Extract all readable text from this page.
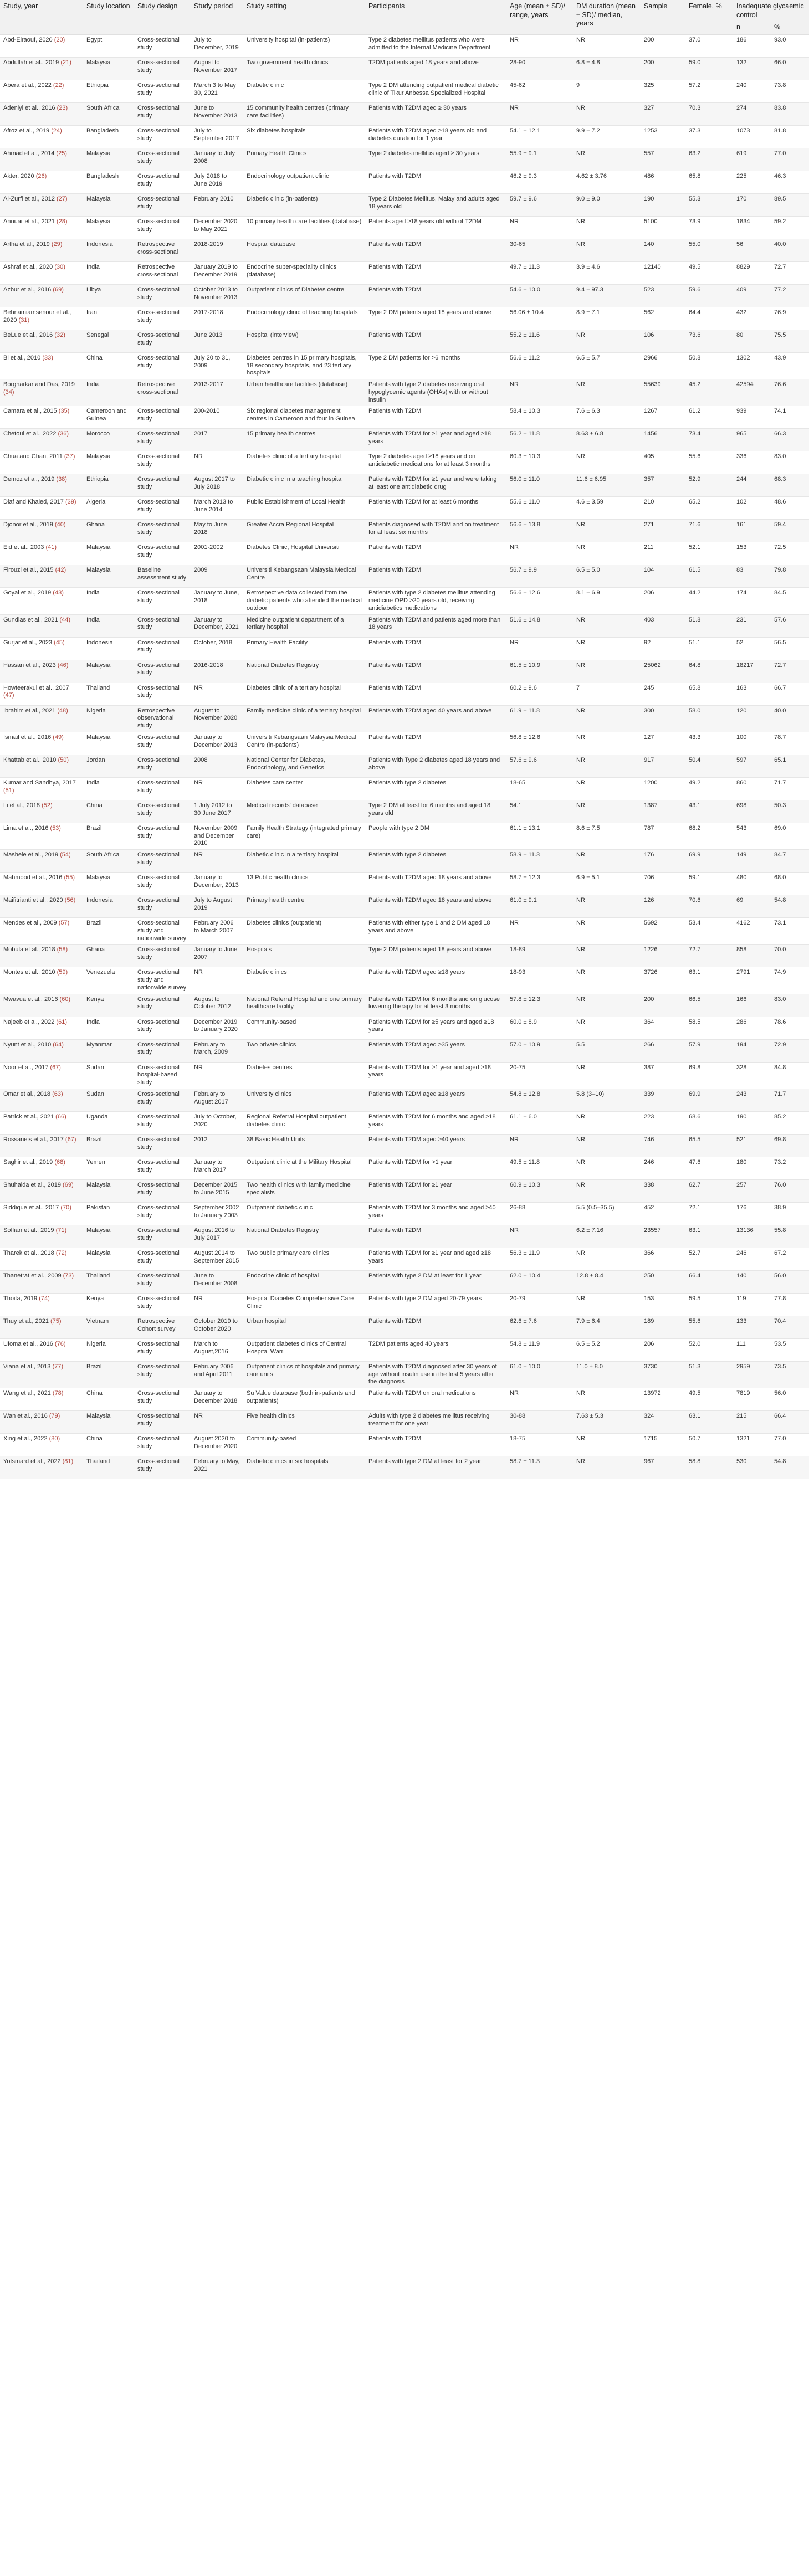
Study, year	Study location	Study design	Study period	Study setting	Participants	Age (mean ± SD)/ range, years	DM duration (mean ± SD)/ median, years	Sample	Female, %	Inadequate glycaemic control	
										n	%
Abd-Elraouf, 2020 (20)	Egypt	Cross-sectional study	July to December, 2019	University hospital (in-patients)	Type 2 diabetes mellitus patients who were admitted to the Internal Medicine Department	NR	NR	200	37.0	186	93.0
Abdullah et al., 2019 (21)	Malaysia	Cross-sectional study	August to November 2017	Two government health clinics	T2DM patients aged 18 years and above	28-90	6.8 ± 4.8	200	59.0	132	66.0
Abera et al., 2022 (22)	Ethiopia	Cross-sectional study	March 3 to May 30, 2021	Diabetic clinic	Type 2 DM attending outpatient medical diabetic clinic of Tikur Anbessa Specialized Hospital	45-62	9	325	57.2	240	73.8
Adeniyi et al., 2016 (23)	South Africa	Cross-sectional study	June to November 2013	15 community health centres (primary care facilities)	Patients with T2DM aged ≥ 30 years	NR	NR	327	70.3	274	83.8
Afroz et al., 2019 (24)	Bangladesh	Cross-sectional study	July to September 2017	Six diabetes hospitals	Patients with T2DM aged ≥18 years old and diabetes duration for 1 year	54.1 ± 12.1	9.9 ± 7.2	1253	37.3	1073	81.8
Ahmad et al., 2014 (25)	Malaysia	Cross-sectional study	January to July 2008	Primary Health Clinics	Type 2 diabetes mellitus aged ≥ 30 years	55.9 ± 9.1	NR	557	63.2	619	77.0
Akter, 2020 (26)	Bangladesh	Cross-sectional study	July 2018 to June 2019	Endocrinology outpatient clinic	Patients with T2DM	46.2 ± 9.3	4.62 ± 3.76	486	65.8	225	46.3
Al-Zurfi et al., 2012 (27)	Malaysia	Cross-sectional study	February 2010	Diabetic clinic (in-patients)	Type 2 Diabetes Mellitus, Malay and adults aged 18 years old	59.7 ± 9.6	9.0 ± 9.0	190	55.3	170	89.5
Annuar et al., 2021 (28)	Malaysia	Cross-sectional study	December 2020 to May 2021	10 primary health care facilities (database)	Patients aged ≥18 years old with of T2DM	NR	NR	5100	73.9	1834	59.2
Artha et al., 2019 (29)	Indonesia	Retrospective cross-sectional	2018-2019	Hospital database	Patients with T2DM	30-65	NR	140	55.0	56	40.0
Ashraf et al., 2020 (30)	India	Retrospective cross-sectional	January 2019 to December 2019	Endocrine super-speciality clinics (database)	Patients with T2DM	49.7 ± 11.3	3.9 ± 4.6	12140	49.5	8829	72.7
Azbur et al., 2016 (69)	Libya	Cross-sectional study	October 2013 to November 2013	Outpatient clinics of Diabetes centre	Patients with T2DM	54.6 ± 10.0	9.4 ± 97.3	523	59.6	409	77.2
Behnamiamsenour et al., 2020 (31)	Iran	Cross-sectional study	2017-2018	Endocrinology clinic of teaching hospitals	Type 2 DM patients aged 18 years and above	56.06 ± 10.4	8.9 ± 7.1	562	64.4	432	76.9
BeLue et al., 2016 (32)	Senegal	Cross-sectional study	June 2013	Hospital (interview)	Patients with T2DM	55.2 ± 11.6	NR	106	73.6	80	75.5
Bi et al., 2010 (33)	China	Cross-sectional study	July 20 to 31, 2009	Diabetes centres in 15 primary hospitals, 18 secondary hospitals, and 23 tertiary hospitals	Type 2 DM patients for >6 months	56.6 ± 11.2	6.5 ± 5.7	2966	50.8	1302	43.9
Borgharkar and Das, 2019 (34)	India	Retrospective cross-sectional	2013-2017	Urban healthcare facilities (database)	Patients with type 2 diabetes receiving oral hypoglycemic agents (OHAs) with or without insulin	NR	NR	55639	45.2	42594	76.6
Camara et al., 2015 (35)	Cameroon and Guinea	Cross-sectional study	200-2010	Six regional diabetes management centres in Cameroon and four in Guinea	Patients with T2DM	58.4 ± 10.3	7.6 ± 6.3	1267	61.2	939	74.1
Chetoui et al., 2022 (36)	Morocco	Cross-sectional study	2017	15 primary health centres	Patients with T2DM for ≥1 year and aged ≥18 years	56.2 ± 11.8	8.63 ± 6.8	1456	73.4	965	66.3
Chua and Chan, 2011 (37)	Malaysia	Cross-sectional study	NR	Diabetes clinic of a tertiary hospital	Type 2 diabetes aged ≥18 years and on antidiabetic medications for at least 3 months	60.3 ± 10.3	NR	405	55.6	336	83.0
Demoz et al., 2019 (38)	Ethiopia	Cross-sectional study	August 2017 to July 2018	Diabetic clinic in a teaching hospital	Patients with T2DM for ≥1 year and were taking at least one antidiabetic drug	56.0 ± 11.0	11.6 ± 6.95	357	52.9	244	68.3
Diaf and Khaled, 2017 (39)	Algeria	Cross-sectional study	March 2013 to June 2014	Public Establishment of Local Health	Patients with T2DM for at least 6 months	55.6 ± 11.0	4.6 ± 3.59	210	65.2	102	48.6
Djonor et al., 2019 (40)	Ghana	Cross-sectional study	May to June, 2018	Greater Accra Regional Hospital	Patients diagnosed with T2DM and on treatment for at least six months	56.6 ± 13.8	NR	271	71.6	161	59.4
Eid et al., 2003 (41)	Malaysia	Cross-sectional study	2001-2002	Diabetes Clinic, Hospital Universiti	Patients with T2DM	NR	NR	211	52.1	153	72.5
Firouzi et al., 2015 (42)	Malaysia	Baseline assessment study	2009	Universiti Kebangsaan Malaysia Medical Centre	Patients with T2DM	56.7 ± 9.9	6.5 ± 5.0	104	61.5	83	79.8
Goyal et al., 2019 (43)	India	Cross-sectional study	January to June, 2018	Retrospective data collected from the diabetic patients who attended the medical outdoor	Patients with type 2 diabetes mellitus attending medicine OPD >20 years old, receiving antidiabetics medications	56.6 ± 12.6	8.1 ± 6.9	206	44.2	174	84.5
Gundlas et al., 2021 (44)	India	Cross-sectional study	January to December, 2021	Medicine outpatient department of a tertiary hospital	Patients with T2DM and patients aged more than 18 years	51.6 ± 14.8	NR	403	51.8	231	57.6
Gurjar et al., 2023 (45)	Indonesia	Cross-sectional study	October, 2018	Primary Health Facility	Patients with T2DM	NR	NR	92	51.1	52	56.5
Hassan et al., 2023 (46)	Malaysia	Cross-sectional study	2016-2018	National Diabetes Registry	Patients with T2DM	61.5 ± 10.9	NR	25062	64.8	18217	72.7
Howteerakul et al., 2007 (47)	Thailand	Cross-sectional study	NR	Diabetes clinic of a tertiary hospital	Patients with T2DM	60.2 ± 9.6	7	245	65.8	163	66.7
Ibrahim et al., 2021 (48)	Nigeria	Retrospective observational study	August to November 2020	Family medicine clinic of a tertiary hospital	Patients with T2DM aged 40 years and above	61.9 ± 11.8	NR	300	58.0	120	40.0
Ismail et al., 2016 (49)	Malaysia	Cross-sectional study	January to December 2013	Universiti Kebangsaan Malaysia Medical Centre (in-patients)	Patients with T2DM	56.8 ± 12.6	NR	127	43.3	100	78.7
Khattab et al., 2010 (50)	Jordan	Cross-sectional study	2008	National Center for Diabetes, Endocrinology, and Genetics	Patients with Type 2 diabetes aged 18 years and above	57.6 ± 9.6	NR	917	50.4	597	65.1
Kumar and Sandhya, 2017 (51)	India	Cross-sectional study	NR	Diabetes care center	Patients with type 2 diabetes	18-65	NR	1200	49.2	860	71.7
Li et al., 2018 (52)	China	Cross-sectional study	1 July 2012 to 30 June 2017	Medical records' database	Type 2 DM at least for 6 months and aged 18 years old	54.1	NR	1387	43.1	698	50.3
Lima et al., 2016 (53)	Brazil	Cross-sectional study	November 2009 and December 2010	Family Health Strategy (integrated primary care)	People with type 2 DM	61.1 ± 13.1	8.6 ± 7.5	787	68.2	543	69.0
Mashele et al., 2019 (54)	South Africa	Cross-sectional study	NR	Diabetic clinic in a tertiary hospital	Patients with type 2 diabetes	58.9 ± 11.3	NR	176	69.9	149	84.7
Mahmood et al., 2016 (55)	Malaysia	Cross-sectional study	January to December, 2013	13 Public health clinics	Patients with T2DM aged 18 years and above	58.7 ± 12.3	6.9 ± 5.1	706	59.1	480	68.0
Maifitrianti et al., 2020 (56)	Indonesia	Cross-sectional study	July to August 2019	Primary health centre	Patients with T2DM aged 18 years and above	61.0 ± 9.1	NR	126	70.6	69	54.8
Mendes et al., 2009 (57)	Brazil	Cross-sectional study and nationwide survey	February 2006 to March 2007	Diabetes clinics (outpatient)	Patients with either type 1 and 2 DM aged 18 years and above	NR	NR	5692	53.4	4162	73.1
Mobula et al., 2018 (58)	Ghana	Cross-sectional study	January to June 2007	Hospitals	Type 2 DM patients aged 18 years and above	18-89	NR	1226	72.7	858	70.0
Montes et al., 2010 (59)	Venezuela	Cross-sectional study and nationwide survey	NR	Diabetic clinics	Patients with T2DM aged ≥18 years	18-93	NR	3726	63.1	2791	74.9
Mwavua et al., 2016 (60)	Kenya	Cross-sectional study	August to October 2012	National Referral Hospital and one primary healthcare facility	Patients with T2DM for 6 months and on glucose lowering therapy for at least 3 months	57.8 ± 12.3	NR	200	66.5	166	83.0
Najeeb et al., 2022 (61)	India	Cross-sectional study	December 2019 to January 2020	Community-based	Patients with T2DM for ≥5 years and aged ≥18 years	60.0 ± 8.9	NR	364	58.5	286	78.6
Nyunt et al., 2010 (64)	Myanmar	Cross-sectional study	February to March, 2009	Two private clinics	Patients with T2DM aged ≥35 years	57.0 ± 10.9	5.5	266	57.9	194	72.9
Noor et al., 2017 (67)	Sudan	Cross-sectional hospital-based study	NR	Diabetes centres	Patients with T2DM for ≥1 year and aged ≥18 years	20-75	NR	387	69.8	328	84.8
Omar et al., 2018 (63)	Sudan	Cross-sectional study	February to August 2017	University clinics	Patients with T2DM aged ≥18 years	54.8 ± 12.8	5.8 (3–10)	339	69.9	243	71.7
Patrick et al., 2021 (66)	Uganda	Cross-sectional study	July to October, 2020	Regional Referral Hospital outpatient diabetes clinic	Patients with T2DM for 6 months and aged ≥18 years	61.1 ± 6.0	NR	223	68.6	190	85.2
Rossaneis et al., 2017 (67)	Brazil	Cross-sectional study	2012	38 Basic Health Units	Patients with T2DM aged ≥40 years	NR	NR	746	65.5	521	69.8
Saghir et al., 2019 (68)	Yemen	Cross-sectional study	January to March 2017	Outpatient clinic at the Military Hospital	Patients with T2DM for >1 year	49.5 ± 11.8	NR	246	47.6	180	73.2
Shuhaida et al., 2019 (69)	Malaysia	Cross-sectional study	December 2015 to June 2015	Two health clinics with family medicine specialists	Patients with T2DM for ≥1 year	60.9 ± 10.3	NR	338	62.7	257	76.0
Siddique et al., 2017 (70)	Pakistan	Cross-sectional study	September 2002 to January 2003	Outpatient diabetic clinic	Patients with T2DM for 3 months and aged ≥40 years	26-88	5.5 (0.5–35.5)	452	72.1	176	38.9
Soffian et al., 2019 (71)	Malaysia	Cross-sectional study	August 2016 to July 2017	National Diabetes Registry	Patients with T2DM	NR	6.2 ± 7.16	23557	63.1	13136	55.8
Tharek et al., 2018 (72)	Malaysia	Cross-sectional study	August 2014 to September 2015	Two public primary care clinics	Patients with T2DM for ≥1 year and aged ≥18 years	56.3 ± 11.9	NR	366	52.7	246	67.2
Thanetrat et al., 2009 (73)	Thailand	Cross-sectional study	June to December 2008	Endocrine clinic of hospital	Patients with type 2 DM at least for 1 year	62.0 ± 10.4	12.8 ± 8.4	250	66.4	140	56.0
Thoita, 2019 (74)	Kenya	Cross-sectional study	NR	Hospital Diabetes Comprehensive Care Clinic	Patients with type 2 DM aged 20-79 years	20-79	NR	153	59.5	119	77.8
Thuy et al., 2021 (75)	Vietnam	Retrospective Cohort survey	October 2019 to October 2020	Urban hospital	Patients with T2DM	62.6 ± 7.6	7.9 ± 6.4	189	55.6	133	70.4
Ufoma et al., 2016 (76)	Nigeria	Cross-sectional study	March to August,2016	Outpatient diabetes clinics of Central Hospital Warri	T2DM patients aged 40 years	54.8 ± 11.9	6.5 ± 5.2	206	52.0	111	53.5
Viana et al., 2013 (77)	Brazil	Cross-sectional study	February 2006 and April 2011	Outpatient clinics of hospitals and primary care units	Patients with T2DM diagnosed after 30 years of age without insulin use in the first 5 years after the diagnosis	61.0 ± 10.0	11.0 ± 8.0	3730	51.3	2959	73.5
Wang et al., 2021 (78)	China	Cross-sectional study	January to December 2018	Su Value database (both in-patients and outpatients)	Patients with T2DM on oral medications	NR	NR	13972	49.5	7819	56.0
Wan et al., 2016 (79)	Malaysia	Cross-sectional study	NR	Five health clinics	Adults with type 2 diabetes mellitus receiving treatment for one year	30-88	7.63 ± 5.3	324	63.1	215	66.4
Xing et al., 2022 (80)	China	Cross-sectional study	August 2020 to December 2020	Community-based	Patients with T2DM	18-75	NR	1715	50.7	1321	77.0
Yotsmard et al., 2022 (81)	Thailand	Cross-sectional study	February to May, 2021	Diabetic clinics in six hospitals	Patients with type 2 DM at least for 2 year	58.7 ± 11.3	NR	967	58.8	530	54.8
